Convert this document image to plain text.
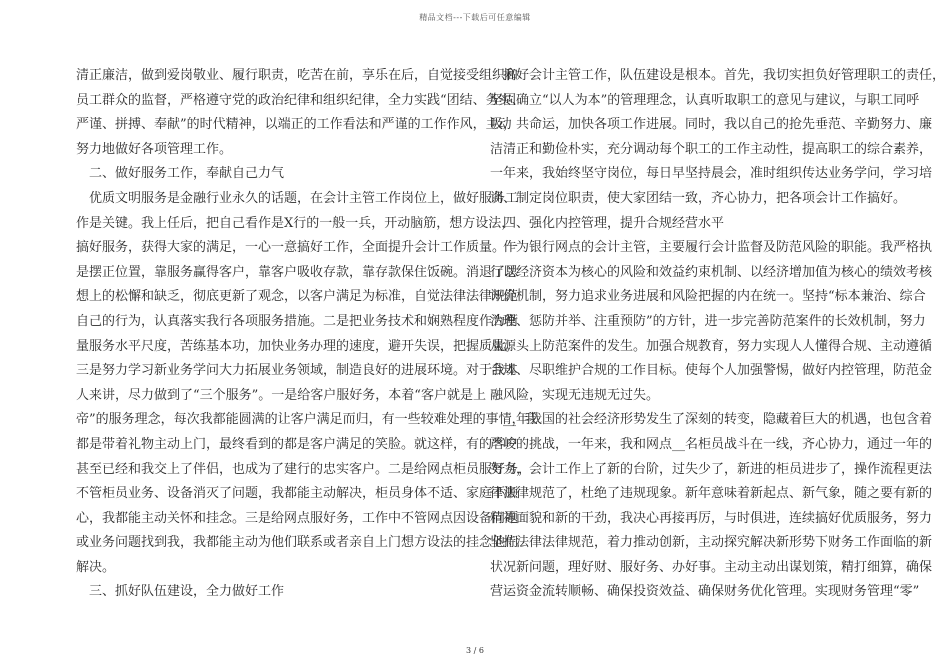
精品文档---下载后可任意编辑
清正廉洁，做到爱岗敬业、履行职责，吃苦在前，享乐在后，自觉接受组织和
员工群众的监督，严格遵守党的政治纪律和组织纪律，全力实践“团结、务实、
严谨、拼搏、奉献”的时代精神，以端正的工作看法和严谨的工作作风，主动
努力地做好各项管理工作。
　二、做好服务工作，奉献自己力气
　优质文明服务是金融行业永久的话题，在会计主管工作岗位上，做好服务工
作是关键。我上任后，把自己看作是X行的一般一兵，开动脑筋，想方设法，
搞好服务，获得大家的满足，一心一意搞好工作，全面提升会计工作质量。一
是摆正位置，靠服务赢得客户，靠客户吸收存款，靠存款保住饭碗。消退了思
想上的松懈和缺乏，彻底更新了观念，以客户满足为标准，自觉法律法律规范
自己的行为，认真落实我行各项服务措施。二是把业务技术和娴熟程度作为衡
量服务水平尺度，苦练基本功，加快业务办理的速度，避开失误，把握质量。
三是努力学习新业务学问大力拓展业务领域，制造良好的进展环境。对于我本
人来讲，尽力做到了“三个服务”。一是给客户服好务，本着“客户就是上
帝”的服务理念，每次我都能圆满的让客户满足而归，有一些较难处理的事情，我
都是带着礼物主动上门，最终看到的都是客户满足的笑脸。就这样，有的客户
甚至已经和我交上了伴侣，也成为了建行的忠实客户。二是给网点柜员服好务，
不管柜员业务、设备消灭了问题，我都能主动解决，柜员身体不适、家庭不顺
心，我都能主动关怀和挂念。三是给网点服好务，工作中不管网点因设备问题
或业务问题找到我，我都能主动为他们联系或者亲自上门想方设法的挂念他们
解决。
　三、抓好队伍建设，全力做好工作
　搞好会计主管工作，队伍建设是根本。首先，我切实担负好管理职工的责任，
坚固确立“以人为本”的管理理念，认真听取职工的意见与建议，与职工同呼
吸，共命运，加快各项工作进展。同时，我以自己的抢先垂范、辛勤努力、廉
洁清正和勤俭朴实，充分调动每个职工的工作主动性，提高职工的综合素养，
一年来，我始终坚守岗位，每日早坚持晨会，准时组织传达业务学问，学习培
训、制定岗位职责，使大家团结一致，齐心协力，把各项会计工作搞好。
　四、强化内控管理，提升合规经营水平
　作为银行网点的会计主管，主要履行会计监督及防范风险的职能。我严格执
行以经济资本为核心的风险和效益约束机制、以经济增加值为核心的绩效考核
评价机制，努力追求业务进展和风险把握的内在统一。坚持“标本兼治、综合
治理、惩防并举、注重预防”的方针，进一步完善防范案件的长效机制，努力
从源头上防范案件的发生。加强合规教育，努力实现人人懂得合规、主动遵循
合规、尽职维护合规的工作目标。使每个人加强警惕，做好内控管理，防范金
融风险，实现无违规无过失。
　__年我国的社会经济形势发生了深刻的转变，隐藏着巨大的机遇，也包含着
严峻的挑战，一年来，我和网点__名柜员战斗在一线，齐心协力，通过一年的
努力，会计工作上了新的台阶，过失少了，新进的柜员进步了，操作流程更法
律法律规范了，杜绝了违规现象。新年意味着新起点、新气象，随之要有新的
精神面貌和新的干劲，我决心再接再厉，与时俱进，连续搞好优质服务，努力
坚持法律法律规范，着力推动创新，主动探究解决新形势下财务工作面临的新
状况新问题，理好财、服好务、办好事。主动主动出谋划策，精打细算，确保
营运资金流转顺畅、确保投资效益、确保财务优化管理。实现财务管理“零”
3 / 6
